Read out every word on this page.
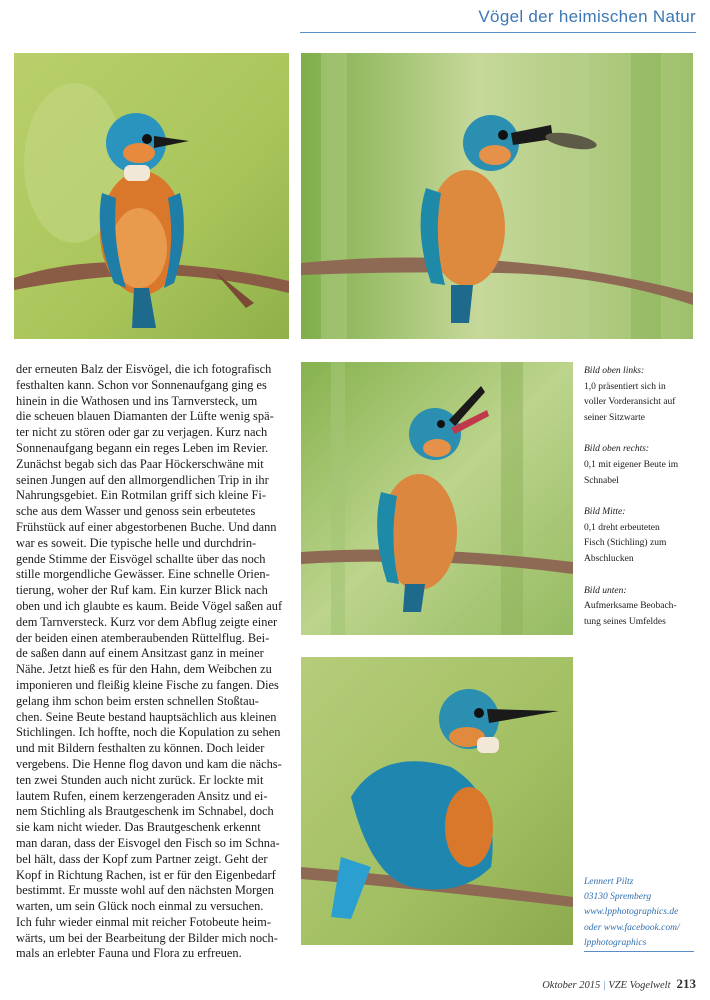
Vögel der heimischen Natur

der erneuten Balz der Eisvögel, die ich fotografisch

festhalten kann. Schon vor Sonnenaufgang ging es

hinein in die Wathosen und ins Tarnversteck, um

die scheuen blauen Diamanten der Lüfte wenig spä-

ter nicht zu stören oder gar zu verjagen. Kurz nach

Sonnenaufgang begann ein reges Leben im Revier.

Zunächst begab sich das Paar Höckerschwäne mit

seinen Jungen auf den allmorgendlichen Trip in ihr

Nahrungsgebiet. Ein Rotmilan griff sich kleine Fi-

sche aus dem Wasser und genoss sein erbeutetes

Frühstück auf einer abgestorbenen Buche. Und dann

war es soweit. Die typische helle und durchdrin-

gende Stimme der Eisvögel schallte über das noch

stille morgendliche Gewässer. Eine schnelle Orien-

tierung, woher der Ruf kam. Ein kurzer Blick nach

oben und ich glaubte es kaum. Beide Vögel saßen auf

dem Tarnversteck. Kurz vor dem Abflug zeigte einer

der beiden einen atemberaubenden Rüttelflug. Bei-

de saßen dann auf einem Ansitzast ganz in meiner

Nähe. Jetzt hieß es für den Hahn, dem Weibchen zu

imponieren und fleißig kleine Fische zu fangen. Dies

gelang ihm schon beim ersten schnellen Stoßtau-

chen. Seine Beute bestand hauptsächlich aus kleinen

Stichlingen. Ich hoffte, noch die Kopulation zu sehen

und mit Bildern festhalten zu können. Doch leider

vergebens. Die Henne flog davon und kam die nächs-

ten zwei Stunden auch nicht zurück. Er lockte mit

lautem Rufen, einem kerzengeraden Ansitz und ei-

nem Stichling als Brautgeschenk im Schnabel, doch

sie kam nicht wieder. Das Brautgeschenk erkennt

man daran, dass der Eisvogel den Fisch so im Schna-

bel hält, dass der Kopf zum Partner zeigt. Geht der

Kopf in Richtung Rachen, ist er für den Eigenbedarf

bestimmt. Er musste wohl auf den nächsten Morgen

warten, um sein Glück noch einmal zu versuchen.

Ich fuhr wieder einmal mit reicher Fotobeute heim-

wärts, um bei der Bearbeitung der Bilder mich noch-

mals an erlebter Fauna und Flora zu erfreuen.

Bild oben links:
1,0 präsentiert sich in
voller Vorderansicht auf
seiner Sitzwarte
Bild oben rechts:
0,1 mit eigener Beute im
Schnabel
Bild Mitte:
0,1 dreht erbeuteten
Fisch (Stichling) zum
Abschlucken
Bild unten:
Aufmerksame Beobach-
tung seines Umfeldes
Lennert Piltz
03130 Spremberg
www.lpphotographics.de
oder www.facebook.com/
lpphotographics
Oktober 2015 | VZE Vogelwelt 213
